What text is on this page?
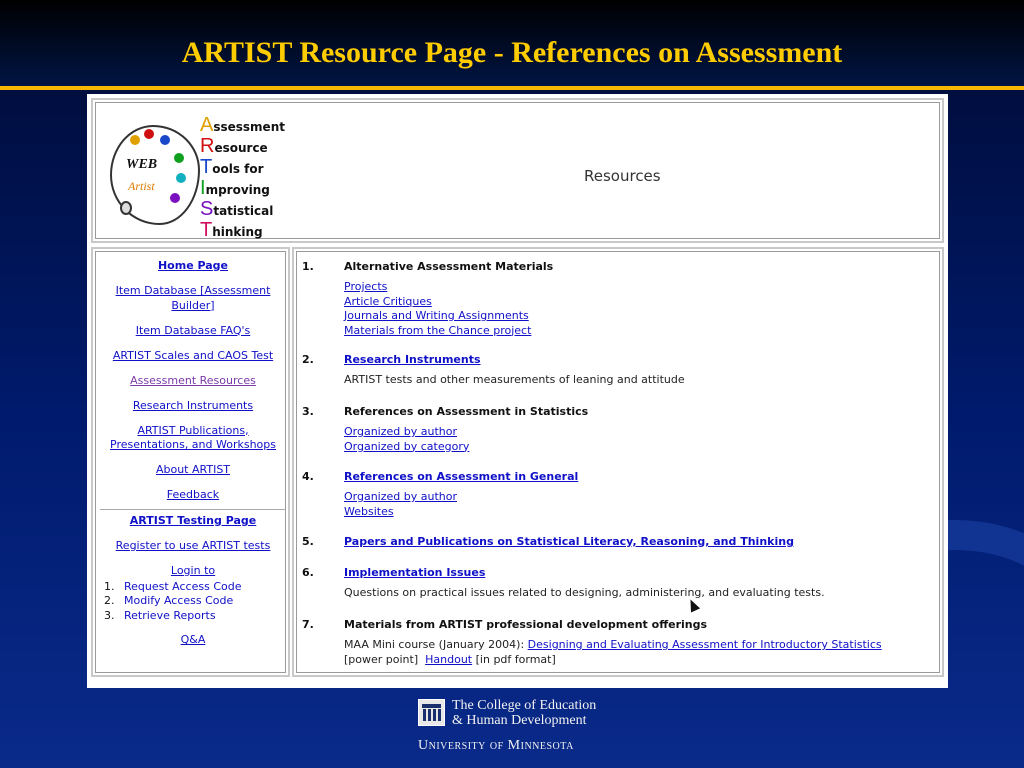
ARTIST Resource Page - References on Assessment
WEB
Artist
Assessment
Resource
Tools for
Improving
Statistical
Thinking
Resources
Home Page
Item Database [Assessment Builder]
Item Database FAQ's
ARTIST Scales and CAOS Test
Assessment Resources
Research Instruments
ARTIST Publications, Presentations, and Workshops
About ARTIST
Feedback
ARTIST Testing Page
Register to use ARTIST tests
Login to
1. Request Access Code
2. Modify Access Code
3. Retrieve Reports
Q&A
1.	Alternative Assessment Materials
Projects
Article Critiques
Journals and Writing Assignments
Materials from the Chance project
2.	Research Instruments
ARTIST tests and other measurements of leaning and attitude
3.	References on Assessment in Statistics
Organized by author
Organized by category
4.	References on Assessment in General
Organized by author
Websites
5.	Papers and Publications on Statistical Literacy, Reasoning, and Thinking
6.	Implementation Issues
Questions on practical issues related to designing, administering, and evaluating tests.
7.	Materials from ARTIST professional development offerings
MAA Mini course (January 2004): Designing and Evaluating Assessment for Introductory Statistics
[power point] Handout [in pdf format]
The College of Education
& Human Development
University of Minnesota
